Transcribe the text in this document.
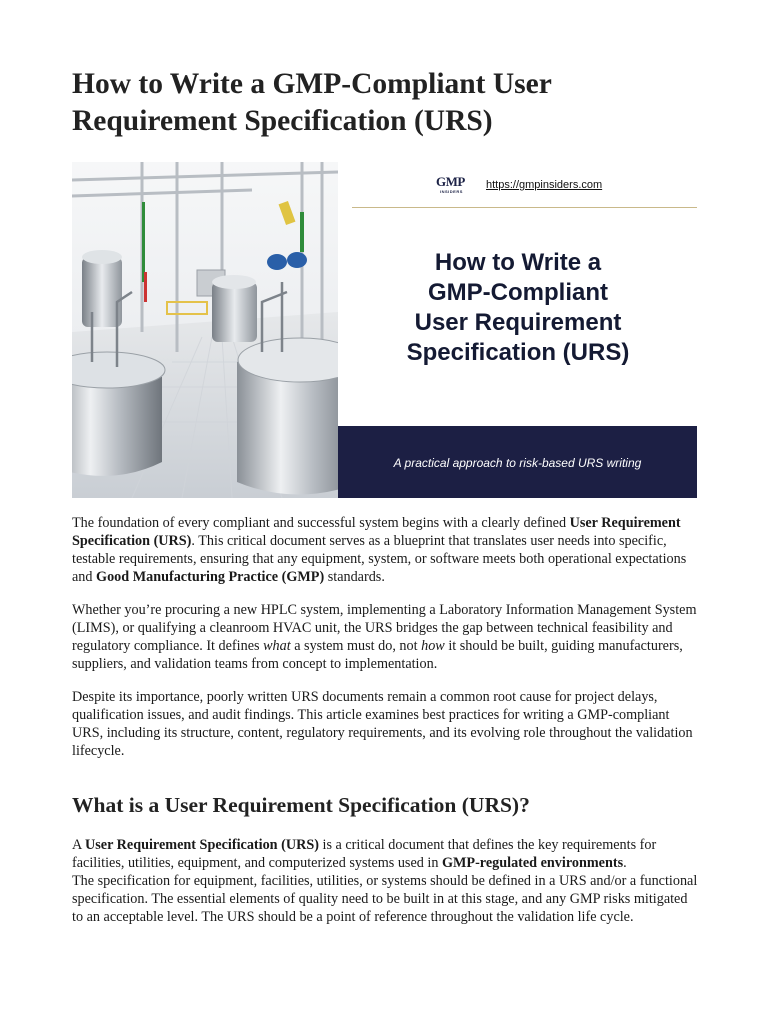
How to Write a GMP-Compliant User Requirement Specification (URS)
GMP
INSIDERS
https://gmpinsiders.com
How to Write a
GMP-Compliant
User Requirement
Specification (URS)
A practical approach to risk-based URS writing

The foundation of every compliant and successful system begins with a clearly defined User Requirement Specification (URS). This critical document serves as a blueprint that translates user needs into specific, testable requirements, ensuring that any equipment, system, or software meets both operational expectations and Good Manufacturing Practice (GMP) standards.

Whether you’re procuring a new HPLC system, implementing a Laboratory Information Management System (LIMS), or qualifying a cleanroom HVAC unit, the URS bridges the gap between technical feasibility and regulatory compliance. It defines what a system must do, not how it should be built, guiding manufacturers, suppliers, and validation teams from concept to implementation.

Despite its importance, poorly written URS documents remain a common root cause for project delays, qualification issues, and audit findings. This article examines best practices for writing a GMP-compliant URS, including its structure, content, regulatory requirements, and its evolving role throughout the validation lifecycle.

What is a User Requirement Specification (URS)?

A User Requirement Specification (URS) is a critical document that defines the key requirements for facilities, utilities, equipment, and computerized systems used in GMP-regulated environments.
The specification for equipment, facilities, utilities, or systems should be defined in a URS and/or a functional specification. The essential elements of quality need to be built in at this stage, and any GMP risks mitigated to an acceptable level. The URS should be a point of reference throughout the validation life cycle.
